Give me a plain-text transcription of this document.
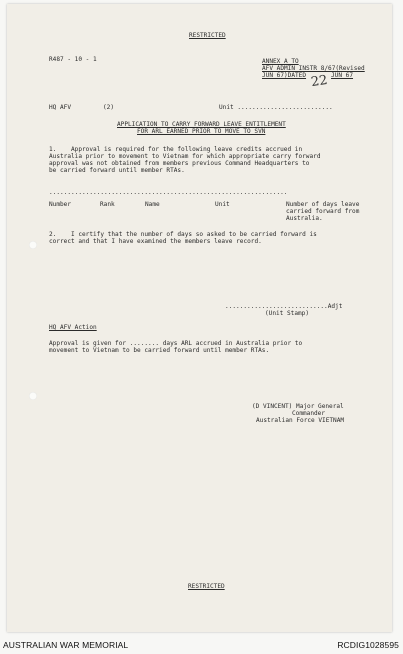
RESTRICTED
R487 - 10 - 1	ANNEX A TO
AFV ADMIN INSTR 8/67(Revised
JUN 67)DATED	JUN 67
22
HQ AFV	(2)	Unit ..........................
APPLICATION TO CARRY FORWARD LEAVE ENTITLEMENT
FOR ARL EARNED PRIOR TO MOVE TO SVN
1. Approval is required for the following leave credits accrued in
Australia prior to movement to Vietnam for which appropriate carry forward
approval was not obtained from members previous Command Headquarters to
be carried forward until member RTAs.
.................................................................
Number	Rank	Name	Unit	Number of days leave
carried forward from
Australia.
2. I certify that the number of days so asked to be carried forward is
correct and that I have examined the members leave record.
............................Adjt
(Unit Stamp)
HQ AFV Action
Approval is given for ........ days ARL accrued in Australia prior to
movement to Vietnam to be carried forward until member RTAs.
(D VINCENT) Major General
Commander
Australian Force VIETNAM
RESTRICTED
AUSTRALIAN WAR MEMORIAL	RCDIG1028595
